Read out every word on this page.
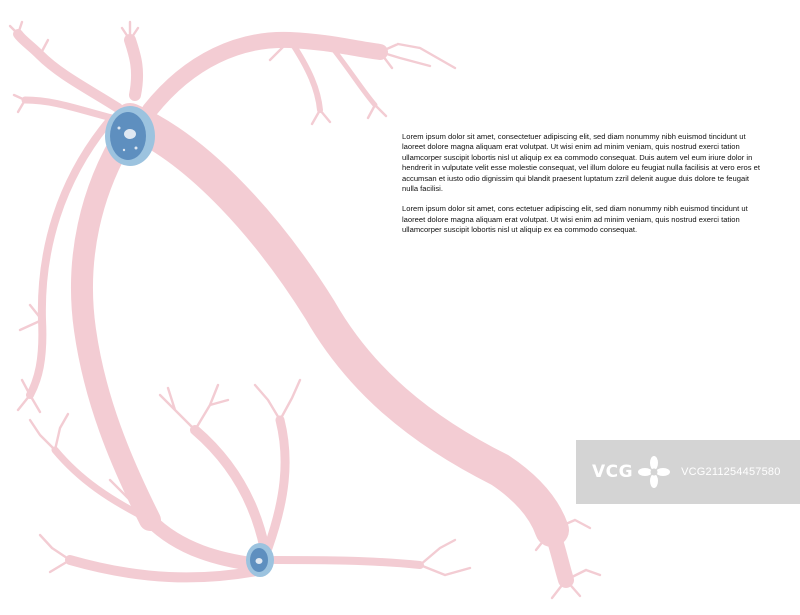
Lorem ipsum dolor sit amet, consectetuer adipiscing elit, sed diam nonummy nibh euismod tincidunt ut laoreet dolore magna aliquam erat volutpat. Ut wisi enim ad minim veniam, quis nostrud exerci tation ullamcorper suscipit lobortis nisl ut aliquip ex ea commodo consequat. Duis autem vel eum iriure dolor in hendrerit in vulputate velit esse molestie consequat, vel illum dolore eu feugiat nulla facilisis at vero eros et accumsan et iusto odio dignissim qui blandit praesent luptatum zzril delenit augue duis dolore te feugait nulla facilisi.

Lorem ipsum dolor sit amet, cons ectetuer adipiscing elit, sed diam nonummy nibh euismod tincidunt ut laoreet dolore magna aliquam erat volutpat. Ut wisi enim ad minim veniam, quis nostrud exerci tation ullamcorper suscipit lobortis nisl ut aliquip ex ea commodo consequat.

VCG	VCG211254457580
